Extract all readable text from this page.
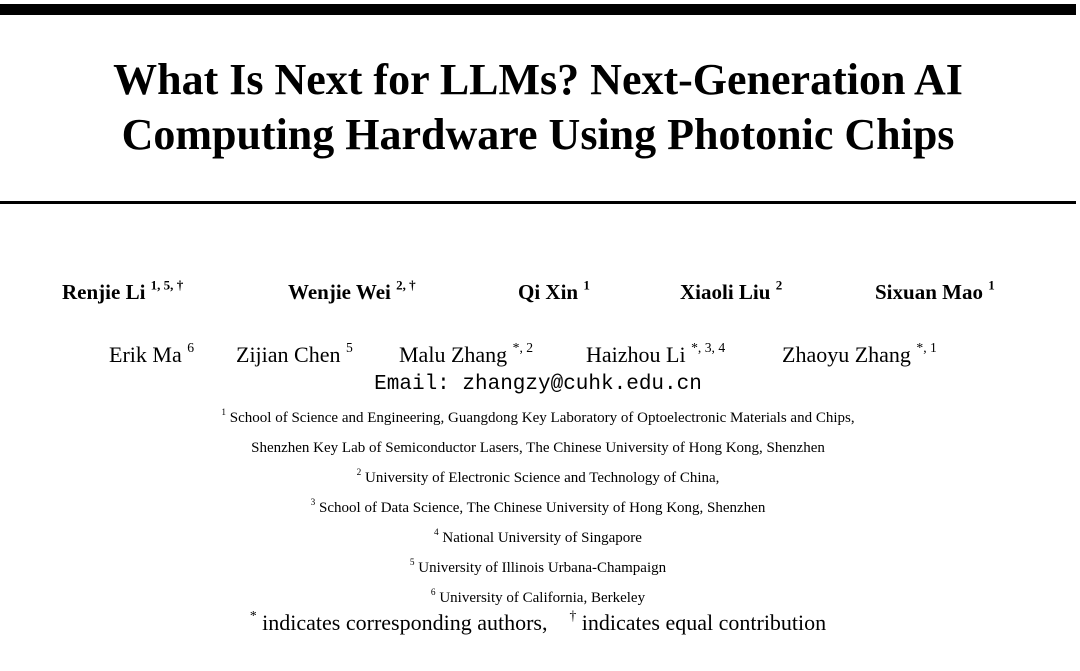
What Is Next for LLMs? Next-Generation AI
Computing Hardware Using Photonic Chips
Renjie Li $^{1, 5, \dagger}$	Wenjie Wei $^{2, \dagger}$	Qi Xin $^1$	Xiaoli Liu $^2$	Sixuan Mao $^1$
Erik Ma $^6$ Zijian Chen $^5$ Malu Zhang $^{*, 2}$ Haizhou Li $^{*, 3, 4}$	Zhaoyu Zhang $^{*, 1}$
Email: zhangzy@cuhk.edu.cn
$^1$ School of Science and Engineering, Guangdong Key Laboratory of Optoelectronic Materials and Chips,
Shenzhen Key Lab of Semiconductor Lasers, The Chinese University of Hong Kong, Shenzhen
$^2$ University of Electronic Science and Technology of China,
$^3$ School of Data Science, The Chinese University of Hong Kong, Shenzhen
$^4$ National University of Singapore
$^5$ University of Illinois Urbana-Champaign
$^6$ University of California, Berkeley
* indicates corresponding authors, † indicates equal contribution
